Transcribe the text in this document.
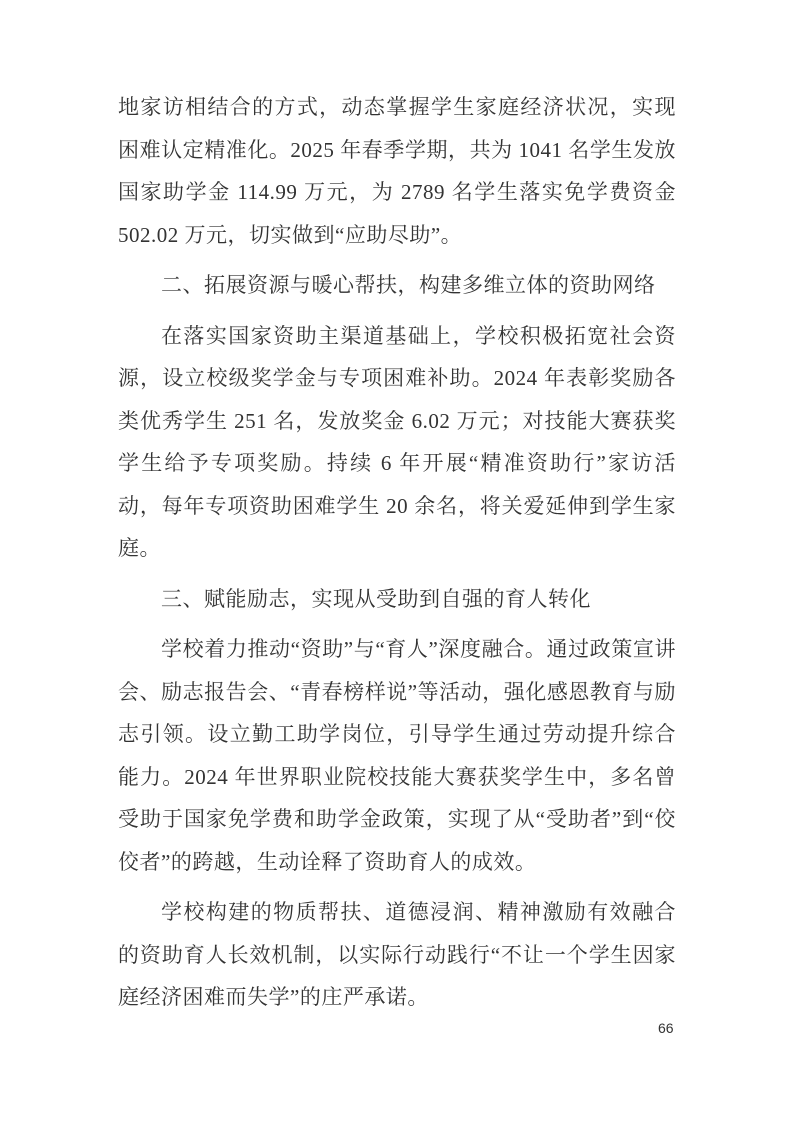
地家访相结合的方式，动态掌握学生家庭经济状况，实现困难认定精准化。2025 年春季学期，共为 1041 名学生发放国家助学金 114.99 万元，为 2789 名学生落实免学费资金 502.02 万元，切实做到“应助尽助”。

二、拓展资源与暖心帮扶，构建多维立体的资助网络

在落实国家资助主渠道基础上，学校积极拓宽社会资源，设立校级奖学金与专项困难补助。2024 年表彰奖励各类优秀学生 251 名，发放奖金 6.02 万元；对技能大赛获奖学生给予专项奖励。持续 6 年开展“精准资助行”家访活动，每年专项资助困难学生 20 余名，将关爱延伸到学生家庭。

三、赋能励志，实现从受助到自强的育人转化

学校着力推动“资助”与“育人”深度融合。通过政策宣讲会、励志报告会、“青春榜样说”等活动，强化感恩教育与励志引领。设立勤工助学岗位，引导学生通过劳动提升综合能力。2024 年世界职业院校技能大赛获奖学生中，多名曾受助于国家免学费和助学金政策，实现了从“受助者”到“佼佼者”的跨越，生动诠释了资助育人的成效。

学校构建的物质帮扶、道德浸润、精神激励有效融合的资助育人长效机制，以实际行动践行“不让一个学生因家庭经济困难而失学”的庄严承诺。

66
